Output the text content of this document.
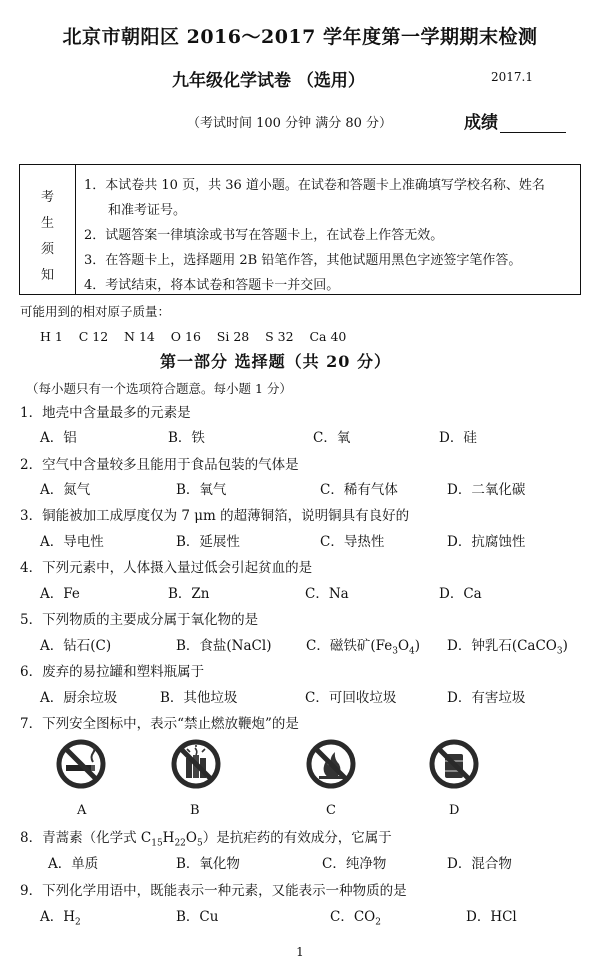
北京市朝阳区 2016～2017 学年度第一学期期末检测
九年级化学试卷 （选用）	2017.1
（考试时间 100 分钟 满分 80 分）	成绩
考
生
须
知
1．本试卷共 10 页，共 36 道小题。在试卷和答题卡上准确填写学校名称、姓名
和准考证号。
2．试题答案一律填涂或书写在答题卡上，在试卷上作答无效。
3．在答题卡上，选择题用 2B 铅笔作答，其他试题用黑色字迹签字笔作答。
4．考试结束，将本试卷和答题卡一并交回。
可能用到的相对原子质量：
H 1    C 12    N 14    O 16    Si 28    S 32    Ca 40
第一部分 选择题（共 20 分）
（每小题只有一个选项符合题意。每小题 1 分）
1．地壳中含量最多的元素是
A．铝	B．铁	C．氧	D．硅
2．空气中含量较多且能用于食品包装的气体是
A．氮气	B．氧气	C．稀有气体	D．二氧化碳
3．铜能被加工成厚度仅为 7 μm 的超薄铜箔，说明铜具有良好的
A．导电性	B．延展性	C．导热性	D．抗腐蚀性
4．下列元素中，人体摄入量过低会引起贫血的是
A．Fe	B．Zn	C．Na	D．Ca
5．下列物质的主要成分属于氧化物的是
A．钻石(C)	B．食盐(NaCl)	C．磁铁矿$(Fe_3O_4)$ D．钟乳石(CaCO$_3$)
6．废弃的易拉罐和塑料瓶属于
A．厨余垃圾	B．其他垃圾	C．可回收垃圾	D．有害垃圾
7．下列安全图标中，表示“禁止燃放鞭炮”的是
A	B	C	D
8．青蒿素（化学式 $C_{15}H_{22}O_5$）是抗疟药的有效成分，它属于
A．单质	B．氧化物	C．纯净物	D．混合物
9．下列化学用语中，既能表示一种元素，又能表示一种物质的是
A．$H_2$	B．Cu	C．$CO_2$	D．HCl
1
